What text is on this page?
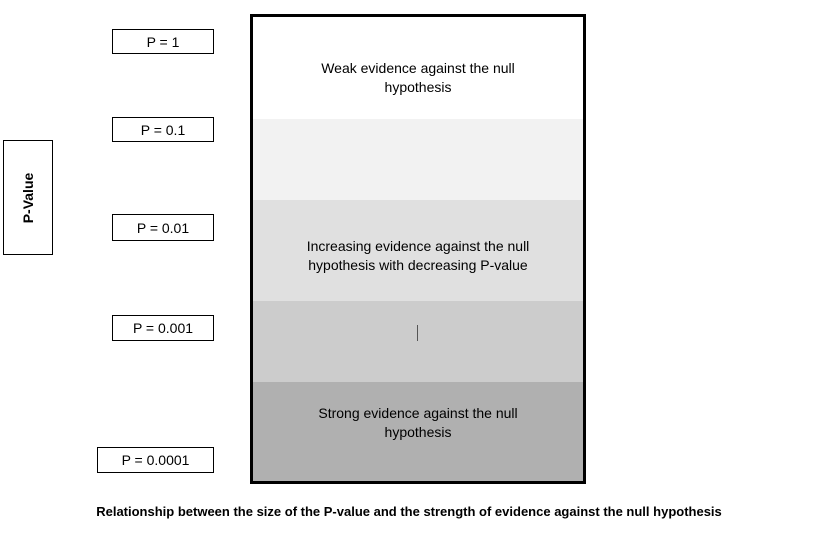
P-Value
P = 1
P = 0.1
P = 0.01
P = 0.001
P = 0.0001
Weak evidence against the null
hypothesis
Increasing evidence against the null
hypothesis with decreasing P-value
Strong evidence against the null
hypothesis
Relationship between the size of the P-value and the strength of evidence against the null hypothesis
